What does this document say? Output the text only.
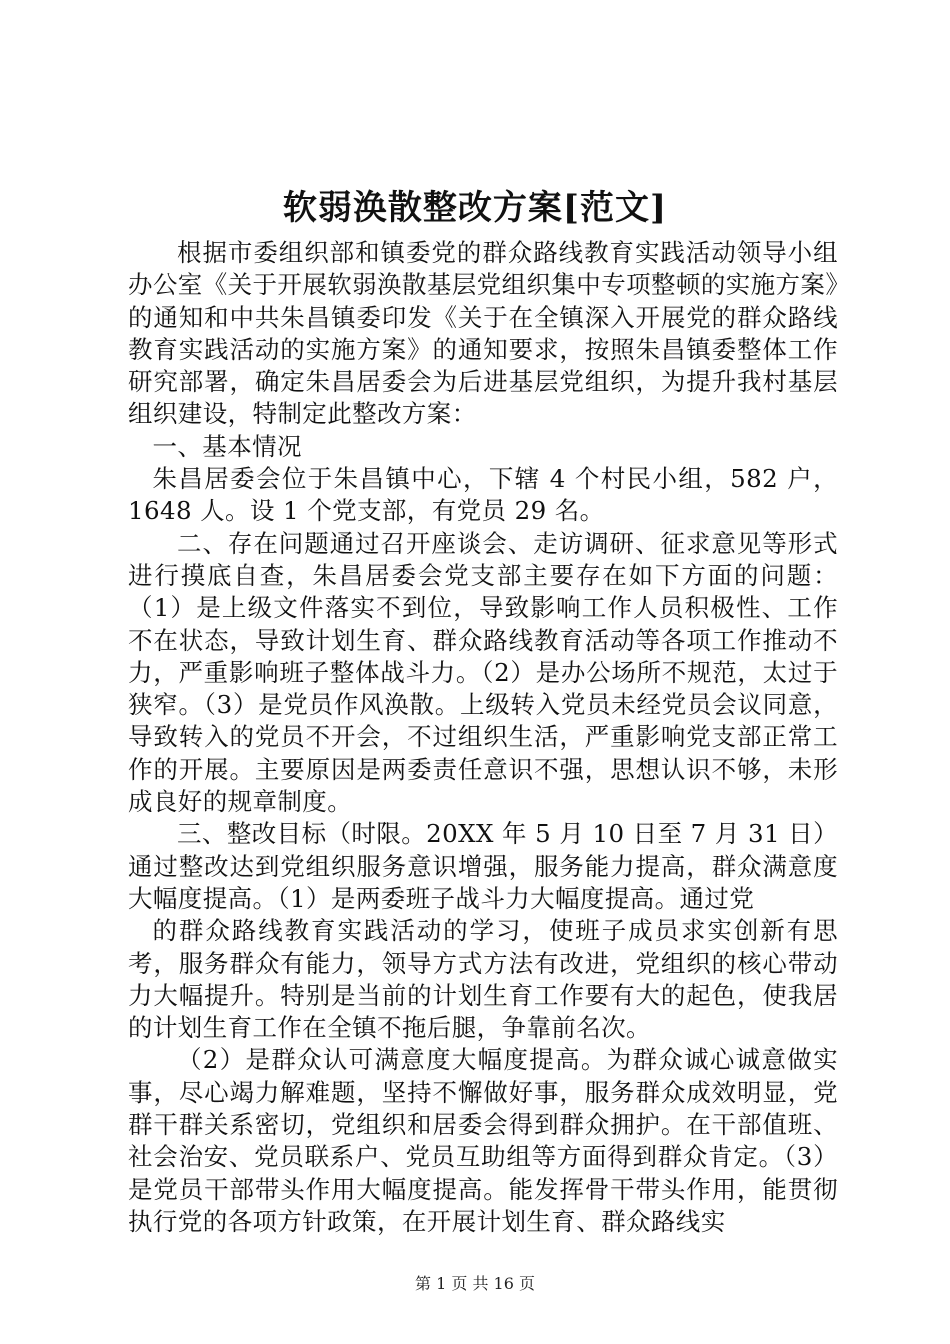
软弱涣散整改方案[范文]

根据市委组织部和镇委党的群众路线教育实践活动领导小组办公室《关于开展软弱涣散基层党组织集中专项整顿的实施方案》的通知和中共朱昌镇委印发《关于在全镇深入开展党的群众路线教育实践活动的实施方案》的通知要求，按照朱昌镇委整体工作研究部署，确定朱昌居委会为后进基层党组织，为提升我村基层组织建设，特制定此整改方案：

一、基本情况

朱昌居委会位于朱昌镇中心，下辖 4 个村民小组，582 户，1648 人。设 1 个党支部，有党员 29 名。

二、存在问题通过召开座谈会、走访调研、征求意见等形式进行摸底自查，朱昌居委会党支部主要存在如下方面的问题：（1）是上级文件落实不到位，导致影响工作人员积极性、工作不在状态，导致计划生育、群众路线教育活动等各项工作推动不力，严重影响班子整体战斗力。（2）是办公场所不规范，太过于狭窄。（3）是党员作风涣散。上级转入党员未经党员会议同意，导致转入的党员不开会，不过组织生活，严重影响党支部正常工作的开展。主要原因是两委责任意识不强，思想认识不够，未形成良好的规章制度。

三、整改目标（时限。20XX 年 5 月 10 日至 7 月 31 日）通过整改达到党组织服务意识增强，服务能力提高，群众满意度大幅度提高。（1）是两委班子战斗力大幅度提高。通过党

的群众路线教育实践活动的学习，使班子成员求实创新有思考，服务群众有能力，领导方式方法有改进，党组织的核心带动力大幅提升。特别是当前的计划生育工作要有大的起色，使我居的计划生育工作在全镇不拖后腿，争靠前名次。

（2）是群众认可满意度大幅度提高。为群众诚心诚意做实事，尽心竭力解难题，坚持不懈做好事，服务群众成效明显，党群干群关系密切，党组织和居委会得到群众拥护。在干部值班、社会治安、党员联系户、党员互助组等方面得到群众肯定。（3）是党员干部带头作用大幅度提高。能发挥骨干带头作用，能贯彻执行党的各项方针政策，在开展计划生育、群众路线实

第 1 页 共 16 页
